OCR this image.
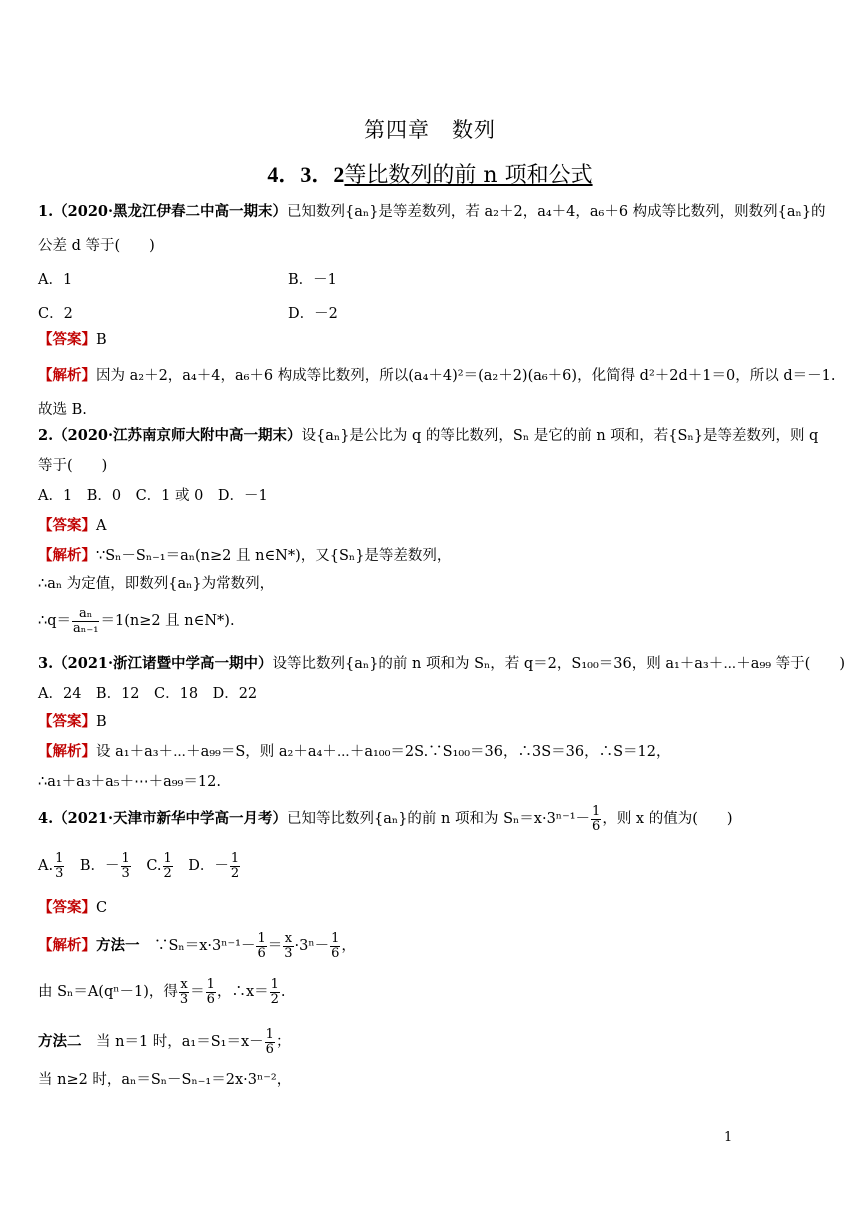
第四章　数列
4．3．2等比数列的前 n 项和公式
1.（2020·黑龙江伊春二中高一期末）已知数列{aₙ}是等差数列，若 a₂＋2，a₄＋4，a₆＋6 构成等比数列，则数列{aₙ}的
公差 d 等于(　　)
A．1	B．－1
C．2	D．－2
【答案】B
【解析】因为 a₂＋2，a₄＋4，a₆＋6 构成等比数列，所以(a₄＋4)²＝(a₂＋2)(a₆＋6)，化简得 d²＋2d＋1＝0，所以 d＝－1.
故选 B.
2.（2020·江苏南京师大附中高一期末）设{aₙ}是公比为 q 的等比数列，Sₙ 是它的前 n 项和，若{Sₙ}是等差数列，则 q
等于(　　)
A．1　B．0　C．1 或 0　D．－1
【答案】A
【解析】∵Sₙ－Sₙ₋₁＝aₙ(n≥2 且 n∈N*)，又{Sₙ}是等差数列，
∴aₙ 为定值，即数列{aₙ}为常数列，
∴q＝ $\frac{\text{aₙ}}{\text{aₙ₋₁}} =1(n\ge 2$ 且 n∈N*).
3.（2021·浙江诸暨中学高一期中）设等比数列{aₙ}的前 n 项和为 Sₙ，若 q＝2，S₁₀₀＝36，则 a₁＋a₃＋⋯＋a₉₉ 等于(　　)
A．24　B．12　C．18　D．22
【答案】B
【解析】设 a₁＋a₃＋⋯＋a₉₉＝S，则 a₂＋a₄＋⋯＋a₁₀₀＝2S.∵S₁₀₀＝36，∴3S＝36，∴S＝12，
∴a₁＋a₃＋a₅＋⋯＋a₉₉＝12.
4.（2021·天津市新华中学高一月考）已知等比数列{aₙ}的前 n 项和为 $S_n=x\cdot 3^{n-1}- \frac{1}{6}$ ，则 x 的值为(　　)
A. $\frac{1}{3}$
　 B．－ $\frac{1}{3}$
　 C. $\frac{1}{2}$
　 D．－ $\frac{1}{2}$
【答案】C
【解析】方法一　 ∵Sₙ＝x·3ⁿ⁻¹－ $\frac{1}{6} = \frac{x}{3} \cdot 3^n- \frac{1}{6}$ ，
由 Sₙ＝A(qⁿ－1)，得 $\frac{x}{3} = \frac{1}{6}$ ，∴x＝ $\frac{1}{2}$ .
方法二　 当 n＝1 时，$a_1=S_1=x- \frac{1}{6}$ ；
当 n≥2 时，aₙ＝Sₙ－Sₙ₋₁＝2x·3ⁿ⁻²，
1
